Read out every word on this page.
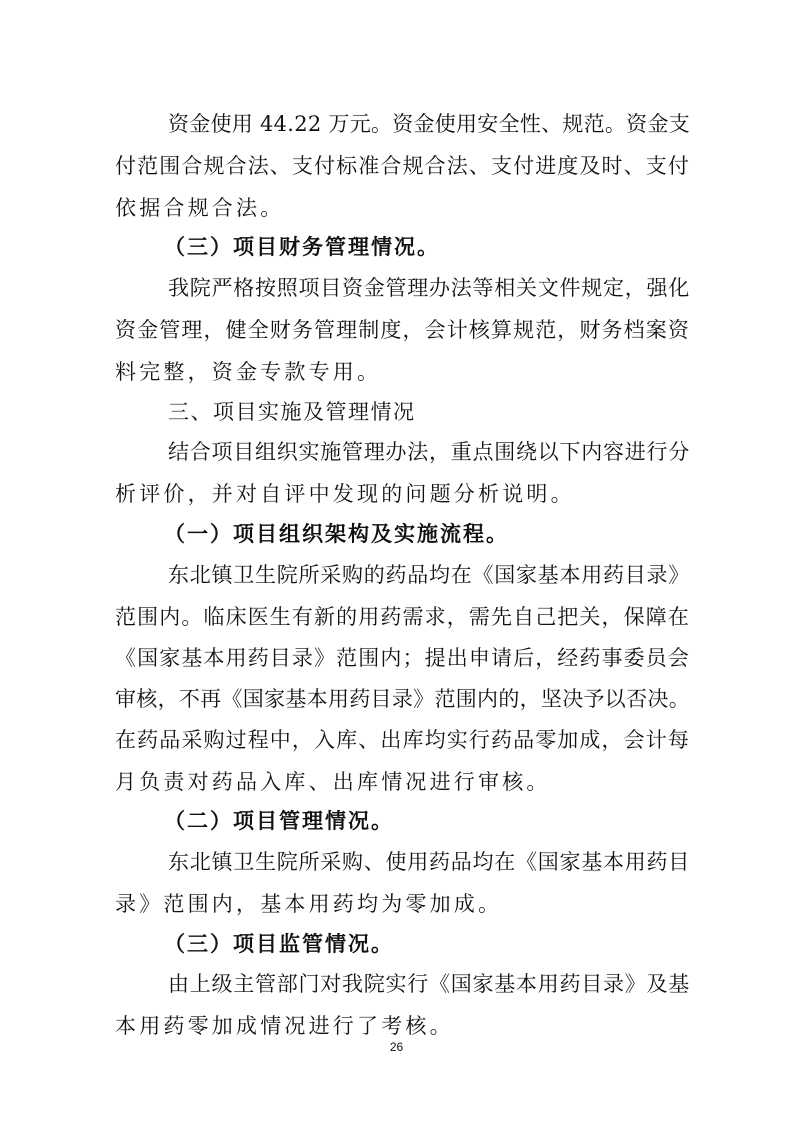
资金使用 44.22 万元。资金使用安全性、规范。资金支
付范围合规合法、支付标准合规合法、支付进度及时、支付
依据合规合法。
（三）项目财务管理情况。
我院严格按照项目资金管理办法等相关文件规定，强化
资金管理，健全财务管理制度，会计核算规范，财务档案资
料完整，资金专款专用。
三、项目实施及管理情况
结合项目组织实施管理办法，重点围绕以下内容进行分
析评价，并对自评中发现的问题分析说明。
（一）项目组织架构及实施流程。
东北镇卫生院所采购的药品均在《国家基本用药目录》
范围内。临床医生有新的用药需求，需先自己把关，保障在
《国家基本用药目录》范围内；提出申请后，经药事委员会
审核，不再《国家基本用药目录》范围内的，坚决予以否决。
在药品采购过程中，入库、出库均实行药品零加成，会计每
月负责对药品入库、出库情况进行审核。
（二）项目管理情况。
东北镇卫生院所采购、使用药品均在《国家基本用药目
录》范围内，基本用药均为零加成。
（三）项目监管情况。
由上级主管部门对我院实行《国家基本用药目录》及基
本用药零加成情况进行了考核。
26
